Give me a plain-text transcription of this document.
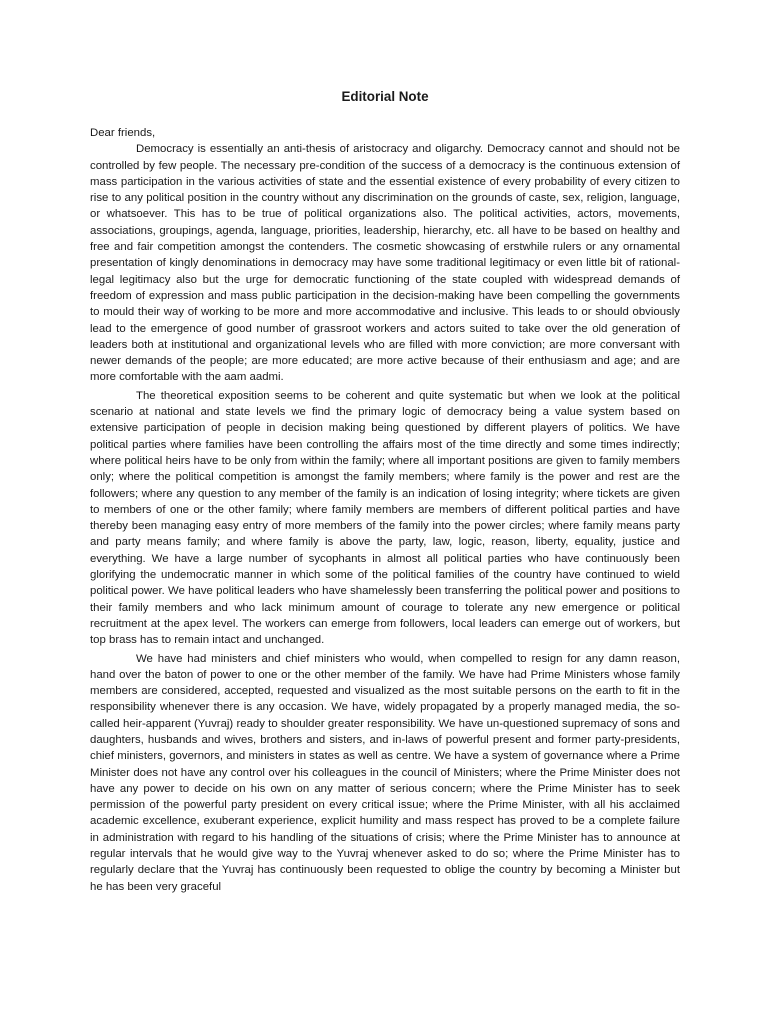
Editorial Note

Dear friends,

Democracy is essentially an anti-thesis of aristocracy and oligarchy. Democracy cannot and should not be controlled by few people. The necessary pre-condition of the success of a democracy is the continuous extension of mass participation in the various activities of state and the essential existence of every probability of every citizen to rise to any political position in the country without any discrimination on the grounds of caste, sex, religion, language, or whatsoever. This has to be true of political organizations also. The political activities, actors, movements, associations, groupings, agenda, language, priorities, leadership, hierarchy, etc. all have to be based on healthy and free and fair competition amongst the contenders. The cosmetic showcasing of erstwhile rulers or any ornamental presentation of kingly denominations in democracy may have some traditional legitimacy or even little bit of rational- legal legitimacy also but the urge for democratic functioning of the state coupled with widespread demands of freedom of expression and mass public participation in the decision-making have been compelling the governments to mould their way of working to be more and more accommodative and inclusive. This leads to or should obviously lead to the emergence of good number of grassroot workers and actors suited to take over the old generation of leaders both at institutional and organizational levels who are filled with more conviction; are more conversant with newer demands of the people; are more educated; are more active because of their enthusiasm and age; and are more comfortable with the aam aadmi.

The theoretical exposition seems to be coherent and quite systematic but when we look at the political scenario at national and state levels we find the primary logic of democracy being a value system based on extensive participation of people in decision making being questioned by different players of politics. We have political parties where families have been controlling the affairs most of the time directly and some times indirectly; where political heirs have to be only from within the family; where all important positions are given to family members only; where the political competition is amongst the family members; where family is the power and rest are the followers; where any question to any member of the family is an indication of losing integrity; where tickets are given to members of one or the other family; where family members are members of different political parties and have thereby been managing easy entry of more members of the family into the power circles; where family means party and party means family; and where family is above the party, law, logic, reason, liberty, equality, justice and everything. We have a large number of sycophants in almost all political parties who have continuously been glorifying the undemocratic manner in which some of the political families of the country have continued to wield political power. We have political leaders who have shamelessly been transferring the political power and positions to their family members and who lack minimum amount of courage to tolerate any new emergence or political recruitment at the apex level. The workers can emerge from followers, local leaders can emerge out of workers, but top brass has to remain intact and unchanged.

We have had ministers and chief ministers who would, when compelled to resign for any damn reason, hand over the baton of power to one or the other member of the family. We have had Prime Ministers whose family members are considered, accepted, requested and visualized as the most suitable persons on the earth to fit in the responsibility whenever there is any occasion. We have, widely propagated by a properly managed media, the so-called heir-apparent (Yuvraj) ready to shoulder greater responsibility. We have un-questioned supremacy of sons and daughters, husbands and wives, brothers and sisters, and in-laws of powerful present and former party-presidents, chief ministers, governors, and ministers in states as well as centre. We have a system of governance where a Prime Minister does not have any control over his colleagues in the council of Ministers; where the Prime Minister does not have any power to decide on his own on any matter of serious concern; where the Prime Minister has to seek permission of the powerful party president on every critical issue; where the Prime Minister, with all his acclaimed academic excellence, exuberant experience, explicit humility and mass respect has proved to be a complete failure in administration with regard to his handling of the situations of crisis; where the Prime Minister has to announce at regular intervals that he would give way to the Yuvraj whenever asked to do so; where the Prime Minister has to regularly declare that the Yuvraj has continuously been requested to oblige the country by becoming a Minister but he has been very graceful
